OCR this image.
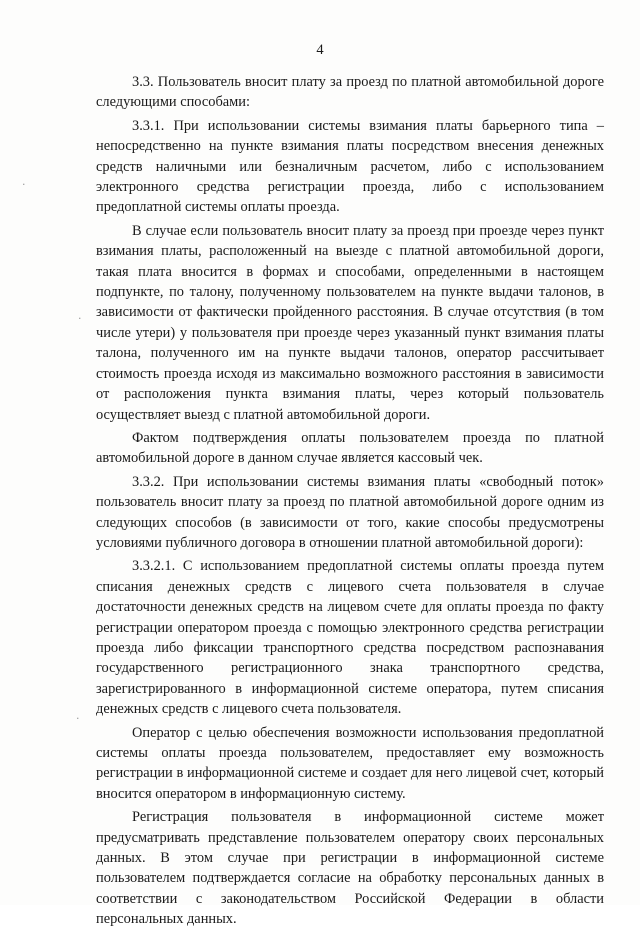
4
·
·
·

3.3. Пользователь вносит плату за проезд по платной автомобильной дороге следующими способами:

3.3.1. При использовании системы взимания платы барьерного типа – непосредственно на пункте взимания платы посредством внесения денежных средств наличными или безналичным расчетом, либо с использованием электронного средства регистрации проезда, либо с использованием предоплатной системы оплаты проезда.

В случае если пользователь вносит плату за проезд при проезде через пункт взимания платы, расположенный на выезде с платной автомобильной дороги, такая плата вносится в формах и способами, определенными в настоящем подпункте, по талону, полученному пользователем на пункте выдачи талонов, в зависимости от фактически пройденного расстояния. В случае отсутствия (в том числе утери) у пользователя при проезде через указанный пункт взимания платы талона, полученного им на пункте выдачи талонов, оператор рассчитывает стоимость проезда исходя из максимально возможного расстояния в зависимости от расположения пункта взимания платы, через который пользователь осуществляет выезд с платной автомобильной дороги.

Фактом подтверждения оплаты пользователем проезда по платной автомобильной дороге в данном случае является кассовый чек.

3.3.2. При использовании системы взимания платы «свободный поток» пользователь вносит плату за проезд по платной автомобильной дороге одним из следующих способов (в зависимости от того, какие способы предусмотрены условиями публичного договора в отношении платной автомобильной дороги):

3.3.2.1. С использованием предоплатной системы оплаты проезда путем списания денежных средств с лицевого счета пользователя в случае достаточности денежных средств на лицевом счете для оплаты проезда по факту регистрации оператором проезда с помощью электронного средства регистрации проезда либо фиксации транспортного средства посредством распознавания государственного регистрационного знака транспортного средства, зарегистрированного в информационной системе оператора, путем списания денежных средств с лицевого счета пользователя.

Оператор с целью обеспечения возможности использования предоплатной системы оплаты проезда пользователем, предоставляет ему возможность регистрации в информационной системе и создает для него лицевой счет, который вносится оператором в информационную систему.

Регистрация пользователя в информационной системе может предусматривать представление пользователем оператору своих персональных данных. В этом случае при регистрации в информационной системе пользователем подтверждается согласие на обработку персональных данных в соответствии с законодательством Российской Федерации в области персональных данных.
